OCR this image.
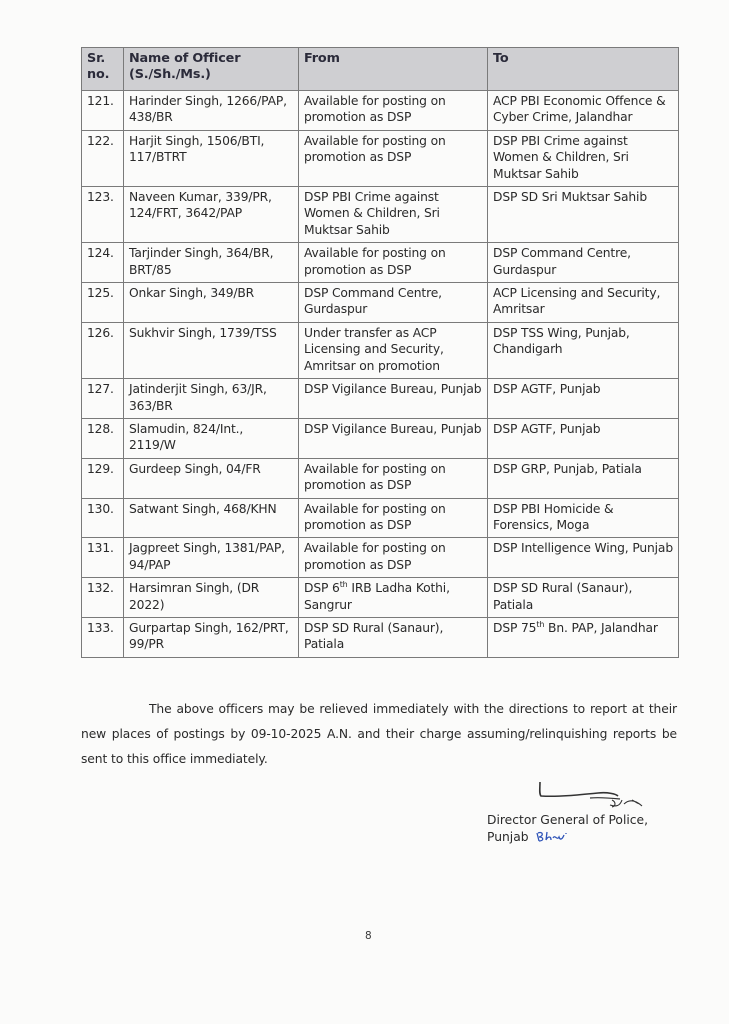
Sr. no.	Name of Officer (S./Sh./Ms.)	From	To
121.	Harinder Singh, 1266/PAP, 438/BR	Available for posting on promotion as DSP	ACP PBI Economic Offence & Cyber Crime, Jalandhar
122.	Harjit Singh, 1506/BTI, 117/BTRT	Available for posting on promotion as DSP	DSP PBI Crime against Women & Children, Sri Muktsar Sahib
123.	Naveen Kumar, 339/PR, 124/FRT, 3642/PAP	DSP PBI Crime against Women & Children, Sri Muktsar Sahib	DSP SD Sri Muktsar Sahib
124.	Tarjinder Singh, 364/BR, BRT/85	Available for posting on promotion as DSP	DSP Command Centre, Gurdaspur
125.	Onkar Singh, 349/BR	DSP Command Centre, Gurdaspur	ACP Licensing and Security, Amritsar
126.	Sukhvir Singh, 1739/TSS	Under transfer as ACP Licensing and Security, Amritsar on promotion	DSP TSS Wing, Punjab, Chandigarh
127.	Jatinderjit Singh, 63/JR, 363/BR	DSP Vigilance Bureau, Punjab	DSP AGTF, Punjab
128.	Slamudin, 824/Int., 2119/W	DSP Vigilance Bureau, Punjab	DSP AGTF, Punjab
129.	Gurdeep Singh, 04/FR	Available for posting on promotion as DSP	DSP GRP, Punjab, Patiala
130.	Satwant Singh, 468/KHN	Available for posting on promotion as DSP	DSP PBI Homicide & Forensics, Moga
131.	Jagpreet Singh, 1381/PAP, 94/PAP	Available for posting on promotion as DSP	DSP Intelligence Wing, Punjab
132.	Harsimran Singh, (DR 2022)	DSP 6th IRB Ladha Kothi, Sangrur	DSP SD Rural (Sanaur), Patiala
133.	Gurpartap Singh, 162/PRT, 99/PR	DSP SD Rural (Sanaur), Patiala	DSP 75th Bn. PAP, Jalandhar

The above officers may be relieved immediately with the directions to report at their new places of postings by 09-10-2025 A.N. and their charge assuming/relinquishing reports be sent to this office immediately.

Director General of Police,
Punjab
8
